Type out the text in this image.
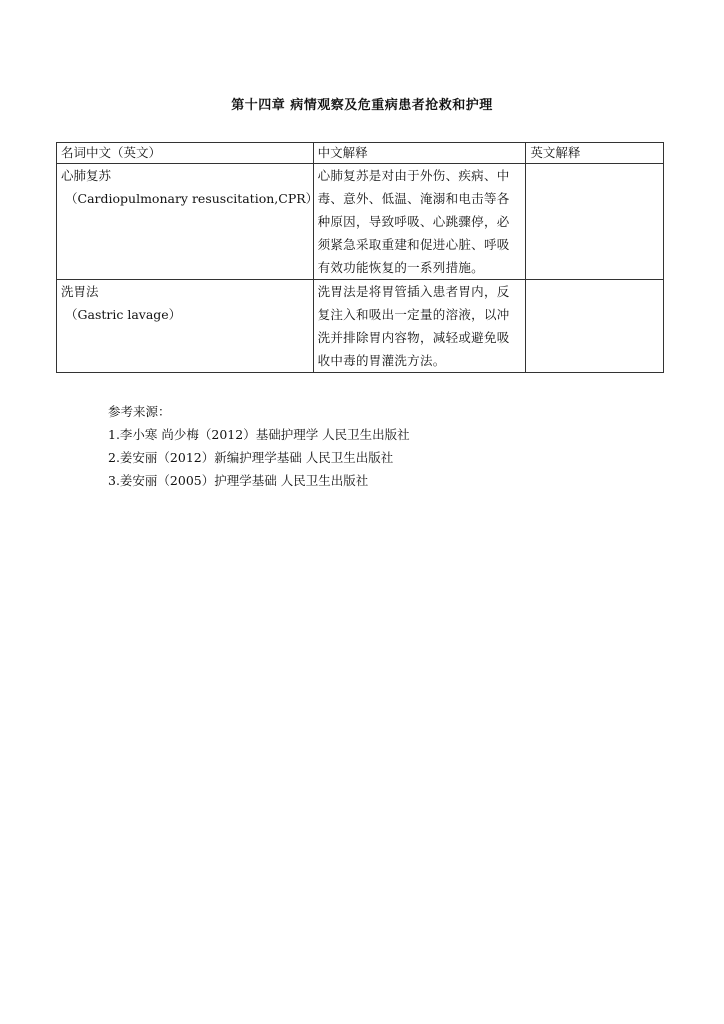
第十四章 病情观察及危重病患者抢救和护理
名词中文（英文）	中文解释	英文解释

心肺复苏
（Cardiopulmonary resuscitation,CPR）	心肺复苏是对由于外伤、疾病、中毒、意外、低温、淹溺和电击等各种原因，导致呼吸、心跳骤停，必须紧急采取重建和促进心脏、呼吸有效功能恢复的一系列措施。	

洗胃法
（Gastric lavage）	洗胃法是将胃管插入患者胃内，反复注入和吸出一定量的溶液，以冲洗并排除胃内容物，减轻或避免吸收中毒的胃灌洗方法。	
参考来源：
1.李小寒 尚少梅（2012）基础护理学 人民卫生出版社
2.姜安丽（2012）新编护理学基础 人民卫生出版社
3.姜安丽（2005）护理学基础 人民卫生出版社
